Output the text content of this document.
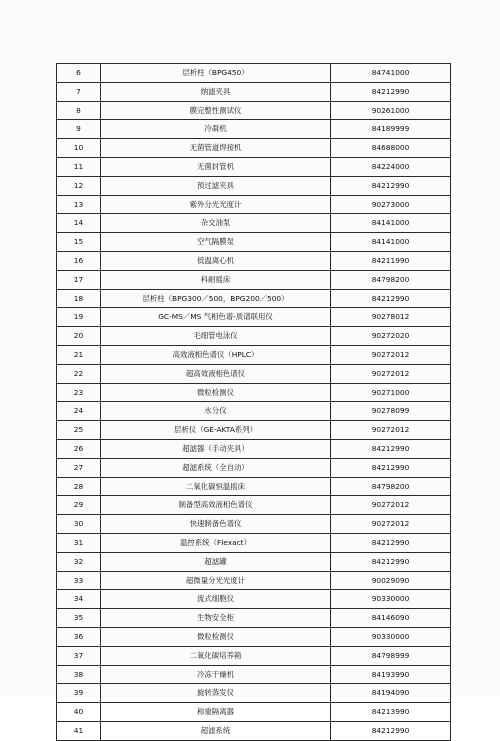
6	层析柱（BPG450）	84741000
7	纳滤夹具	84212990
8	膜完整性测试仪	90261000
9	冷凝机	84189999
10	无菌管道焊接机	84688000
11	无菌封管机	84224000
12	预过滤夹具	84212990
13	紫外分光光度计	90273000
14	杂交油泵	84141000
15	空气隔膜泵	84141000
16	低温离心机	84211990
17	科耐摇床	84798200
18	层析柱（BPG300／500，BPG200／500）	84212990
19	GC-MS／MS 气相色谱-质谱联用仪	90278012
20	毛细管电泳仪	90272020
21	高效液相色谱仪（HPLC）	90272012
22	超高效液相色谱仪	90272012
23	微粒检测仪	90271000
24	水分仪	90278099
25	层析仪（GE-AKTA系列）	90272012
26	超滤器（手动夹具）	84212990
27	超滤系统（全自动）	84212990
28	二氧化碳恒温摇床	84798200
29	制备型高效液相色谱仪	90272012
30	快速制备色谱仪	90272012
31	温控系统（Flexact）	84212990
32	超滤罐	84212990
33	超微量分光光度计	90029090
34	流式细胞仪	90330000
35	生物安全柜	84146090
36	微粒检测仪	90330000
37	二氧化碳培养箱	84798999
38	冷冻干燥机	84193990
39	旋转蒸发仪	84194090
40	称重隔离器	84213990
41	超滤系统	84212990
